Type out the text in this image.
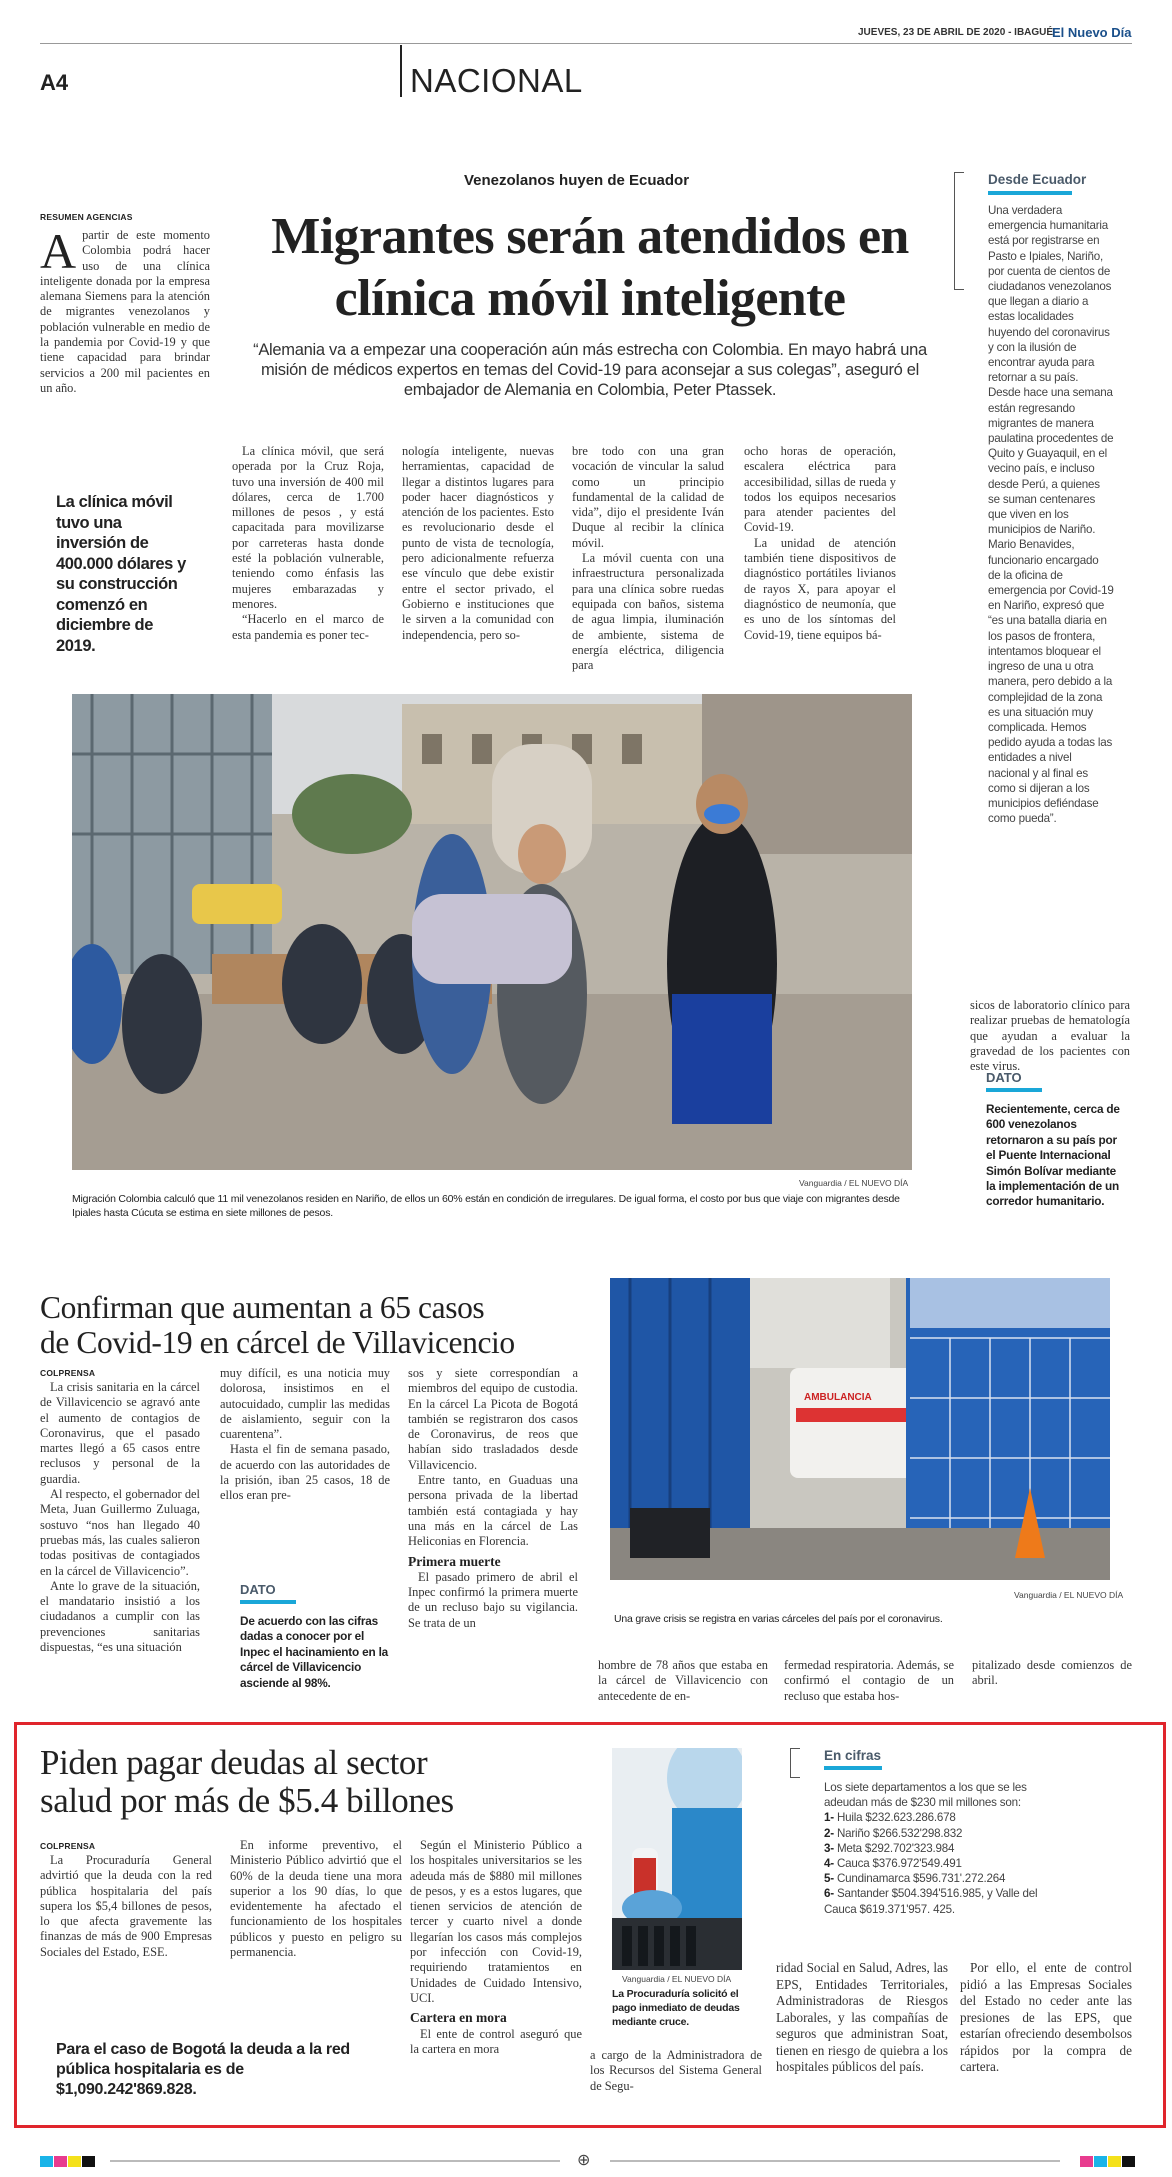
JUEVES, 23 DE ABRIL DE 2020 - IBAGUÉ
El Nuevo Día
A4	NACIONAL
Venezolanos huyen de Ecuador
Migrantes serán atendidos en
clínica móvil inteligente
“Alemania va a empezar una cooperación aún más estrecha con Colombia. En mayo habrá una misión de médicos expertos en temas del Covid-19 para aconsejar a sus colegas”, aseguró el embajador de Alemania en Colombia, Peter Ptassek.
RESUMEN AGENCIAS
A partir de este momento Colombia podrá hacer uso de una clínica inteligente donada por la empresa alemana Siemens para la atención de migrantes venezolanos y población vulnerable en medio de la pandemia por Covid-19 y que tiene capacidad para brindar servicios a 200 mil pacientes en un año.
La clínica móvil tuvo una inversión de 400.000 dólares y su construcción comenzó en diciembre de 2019.

La clínica móvil, que será operada por la Cruz Roja, tuvo una inversión de 400 mil dólares, cerca de 1.700 millones de pesos , y está capacitada para movilizarse por carreteras hasta donde esté la población vulnerable, teniendo como énfasis las mujeres embarazadas y menores.

“Hacerlo en el marco de esta pandemia es poner tec-

nología inteligente, nuevas herramientas, capacidad de llegar a distintos lugares para poder hacer diagnósticos y atención de los pacientes. Esto es revolucionario desde el punto de vista de tecnología, pero adicionalmente refuerza ese vínculo que debe existir entre el sector privado, el Gobierno e instituciones que le sirven a la comunidad con independencia, pero so-

bre todo con una gran vocación de vincular la salud como un principio fundamental de la calidad de vida”, dijo el presidente Iván Duque al recibir la clínica móvil.

La móvil cuenta con una infraestructura personalizada para una clínica sobre ruedas equipada con baños, sistema de agua limpia, iluminación de ambiente, sistema de energía eléctrica, diligencia para

ocho horas de operación, escalera eléctrica para accesibilidad, sillas de rueda y todos los equipos necesarios para atender pacientes del Covid-19.

La unidad de atención también tiene dispositivos de diagnóstico portátiles livianos de rayos X, para apoyar el diagnóstico de neumonía, que es uno de los síntomas del Covid-19, tiene equipos bá-

Desde Ecuador
Una verdadera emergencia humanitaria está por registrarse en Pasto e Ipiales, Nariño, por cuenta de cientos de ciudadanos venezolanos que llegan a diario a estas localidades huyendo del coronavirus y con la ilusión de encontrar ayuda para retornar a su país.
Desde hace una semana están regresando migrantes de manera paulatina procedentes de Quito y Guayaquil, en el vecino país, e incluso desde Perú, a quienes se suman centenares que viven en los municipios de Nariño.
Mario Benavides, funcionario encargado de la oficina de emergencia por Covid-19 en Nariño, expresó que “es una batalla diaria en los pasos de frontera, intentamos bloquear el ingreso de una u otra manera, pero debido a la complejidad de la zona es una situación muy complicada. Hemos pedido ayuda a todas las entidades a nivel nacional y al final es como si dijeran a los municipios defiéndase como pueda”.
Vanguardia / EL NUEVO DÍA
Migración Colombia calculó que 11 mil venezolanos residen en Nariño, de ellos un 60% están en condición de irregulares. De igual forma, el costo por bus que viaje con migrantes desde Ipiales hasta Cúcuta se estima en siete millones de pesos.

sicos de laboratorio clínico para realizar pruebas de hematología que ayudan a evaluar la gravedad de los pacientes con este virus.

DATO
Recientemente, cerca de 600 venezolanos retornaron a su país por el Puente Internacional Simón Bolívar mediante la implementación de un corredor humanitario.
Confirman que aumentan a 65 casos
de Covid-19 en cárcel de Villavicencio
COLPRENSA

La crisis sanitaria en la cárcel de Villavicencio se agravó ante el aumento de contagios de Coronavirus, que el pasado martes llegó a 65 casos entre reclusos y personal de la guardia.

Al respecto, el gobernador del Meta, Juan Guillermo Zuluaga, sostuvo “nos han llegado 40 pruebas más, las cuales salieron todas positivas de contagiados en la cárcel de Villavicencio”.

Ante lo grave de la situación, el mandatario insistió a los ciudadanos a cumplir con las prevenciones sanitarias dispuestas, “es una situación

muy difícil, es una noticia muy dolorosa, insistimos en el autocuidado, cumplir las medidas de aislamiento, seguir con la cuarentena”.

Hasta el fin de semana pasado, de acuerdo con las autoridades de la prisión, iban 25 casos, 18 de ellos eran pre-

DATO
De acuerdo con las cifras dadas a conocer por el Inpec el hacinamiento en la cárcel de Villavicencio asciende al 98%.

sos y siete correspondían a miembros del equipo de custodia. En la cárcel La Picota de Bogotá también se registraron dos casos de Coronavirus, de reos que habían sido trasladados desde Villavicencio.

Entre tanto, en Guaduas una persona privada de la libertad también está contagiada y hay una más en la cárcel de Las Heliconias en Florencia.

Primera muerte

El pasado primero de abril el Inpec confirmó la primera muerte de un recluso bajo su vigilancia. Se trata de un

AMBULANCIA
Vanguardia / EL NUEVO DÍA
Una grave crisis se registra en varias cárceles del país por el coronavirus.

hombre de 78 años que estaba en la cárcel de Villavicencio con antecedente de en-

fermedad respiratoria. Además, se confirmó el contagio de un recluso que estaba hos-

pitalizado desde comienzos de abril.

Piden pagar deudas al sector
salud por más de $5.4 billones
COLPRENSA

La Procuraduría General advirtió que la deuda con la red pública hospitalaria del país supera los $5,4 billones de pesos, lo que afecta gravemente las finanzas de más de 900 Empresas Sociales del Estado, ESE.

Para el caso de Bogotá la deuda a la red pública hospitalaria es de $1,090.242'869.828.

En informe preventivo, el Ministerio Público advirtió que el 60% de la deuda tiene una mora superior a los 90 días, lo que evidentemente ha afectado el funcionamiento de los hospitales públicos y puesto en peligro su permanencia.

Según el Ministerio Público a los hospitales universitarios se les adeuda más de $880 mil millones de pesos, y es a estos lugares, que tienen servicios de atención de tercer y cuarto nivel a donde llegarían los casos más complejos por infección con Covid-19, requiriendo tratamientos en Unidades de Cuidado Intensivo, UCI.

Cartera en mora

El ente de control aseguró que la cartera en mora

Vanguardia / EL NUEVO DÍA
La Procuraduría solicitó el pago inmediato de deudas mediante cruce.

a cargo de la Administradora de los Recursos del Sistema General de Segu-

ridad Social en Salud, Adres, las EPS, Entidades Territoriales, Administradoras de Riesgos Laborales, y las compañías de seguros que administran Soat, tienen en riesgo de quiebra a los hospitales públicos del país.

Por ello, el ente de control pidió a las Empresas Sociales del Estado no ceder ante las presiones de las EPS, que estarían ofreciendo desembolsos rápidos por la compra de cartera.

En cifras
Los siete departamentos a los que se les adeudan más de $230 mil millones son:
1- Huila $232.623.286.678
2- Nariño $266.532'298.832
3- Meta $292.702'323.984
4- Cauca $376.972'549.491
5- Cundinamarca $596.731'.272.264
6- Santander $504.394'516.985, y Valle del Cauca $619.371'957. 425.
⊕
